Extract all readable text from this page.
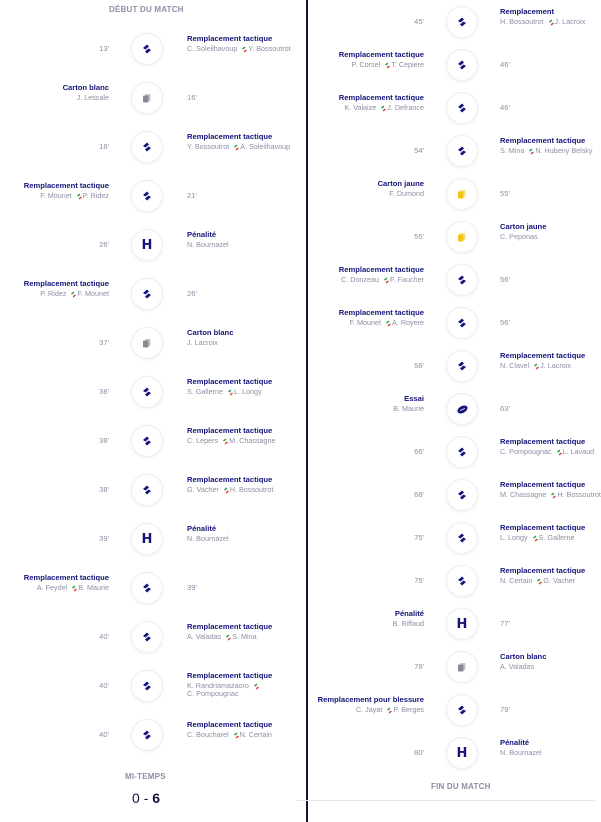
DÉBUT DU MATCH
MI-TEMPS
0 - 6
Remplacement tactique
C. Soleilhavoup Y. Bossoutrot
13'
Carton blanc
J. Lescale	16'
Remplacement tactique
Y. Bossoutrot A. Soleilhavoup
16'
Remplacement tactique
F. Mounet P. Ridez	21'
Pénalité
N. Bournazel
H
26'
Remplacement tactique
P. Ridez F. Mounet	26'
Carton blanc
J. Lacroix
37'
Remplacement tactique
S. Gallerne L. Longy
38'
Remplacement tactique
C. Lepers M. Chassagne
38'
Remplacement tactique
G. Vacher H. Bossoutrot
38'
Pénalité
N. Bournazel
H
39'
Remplacement tactique
A. Feydel B. Maurie	39'
Remplacement tactique
A. Valadas S. Mina
40'
Remplacement tactique
K. Randriamazaoro
C. Pompougnac
40'
Remplacement tactique
C. Boucharel N. Certain
40'
FIN DU MATCH
Remplacement
H. Bossoutrot J. Lacroix
45'
Remplacement tactique
P. Corsel T. Cepiere	46'
Remplacement tactique
K. Valaize J. Defrance	46'
Remplacement tactique
S. Mina N. Hubeny Belsky
54'
Carton jaune
F. Dumond	55'
Carton jaune
C. Peponas
55'
Remplacement tactique
C. Donzeau F. Faucher	56'
Remplacement tactique
F. Mounet A. Royere	56'
Remplacement tactique
N. Clavel J. Lacroix
58'
Essai
B. Maurie	63'
Remplacement tactique
C. Pompougnac L. Lavaud
66'
Remplacement tactique
M. Chassagne H. Bossoutrot
68'
Remplacement tactique
L. Longy S. Gallerne
75'
Remplacement tactique
N. Certain G. Vacher
75'
Pénalité
B. Riffaud	H	77'
Carton blanc
A. Valadas
78'
Remplacement pour blessure
C. Jayat P. Berges	79'
Pénalité
N. Bournazel
H
80'
